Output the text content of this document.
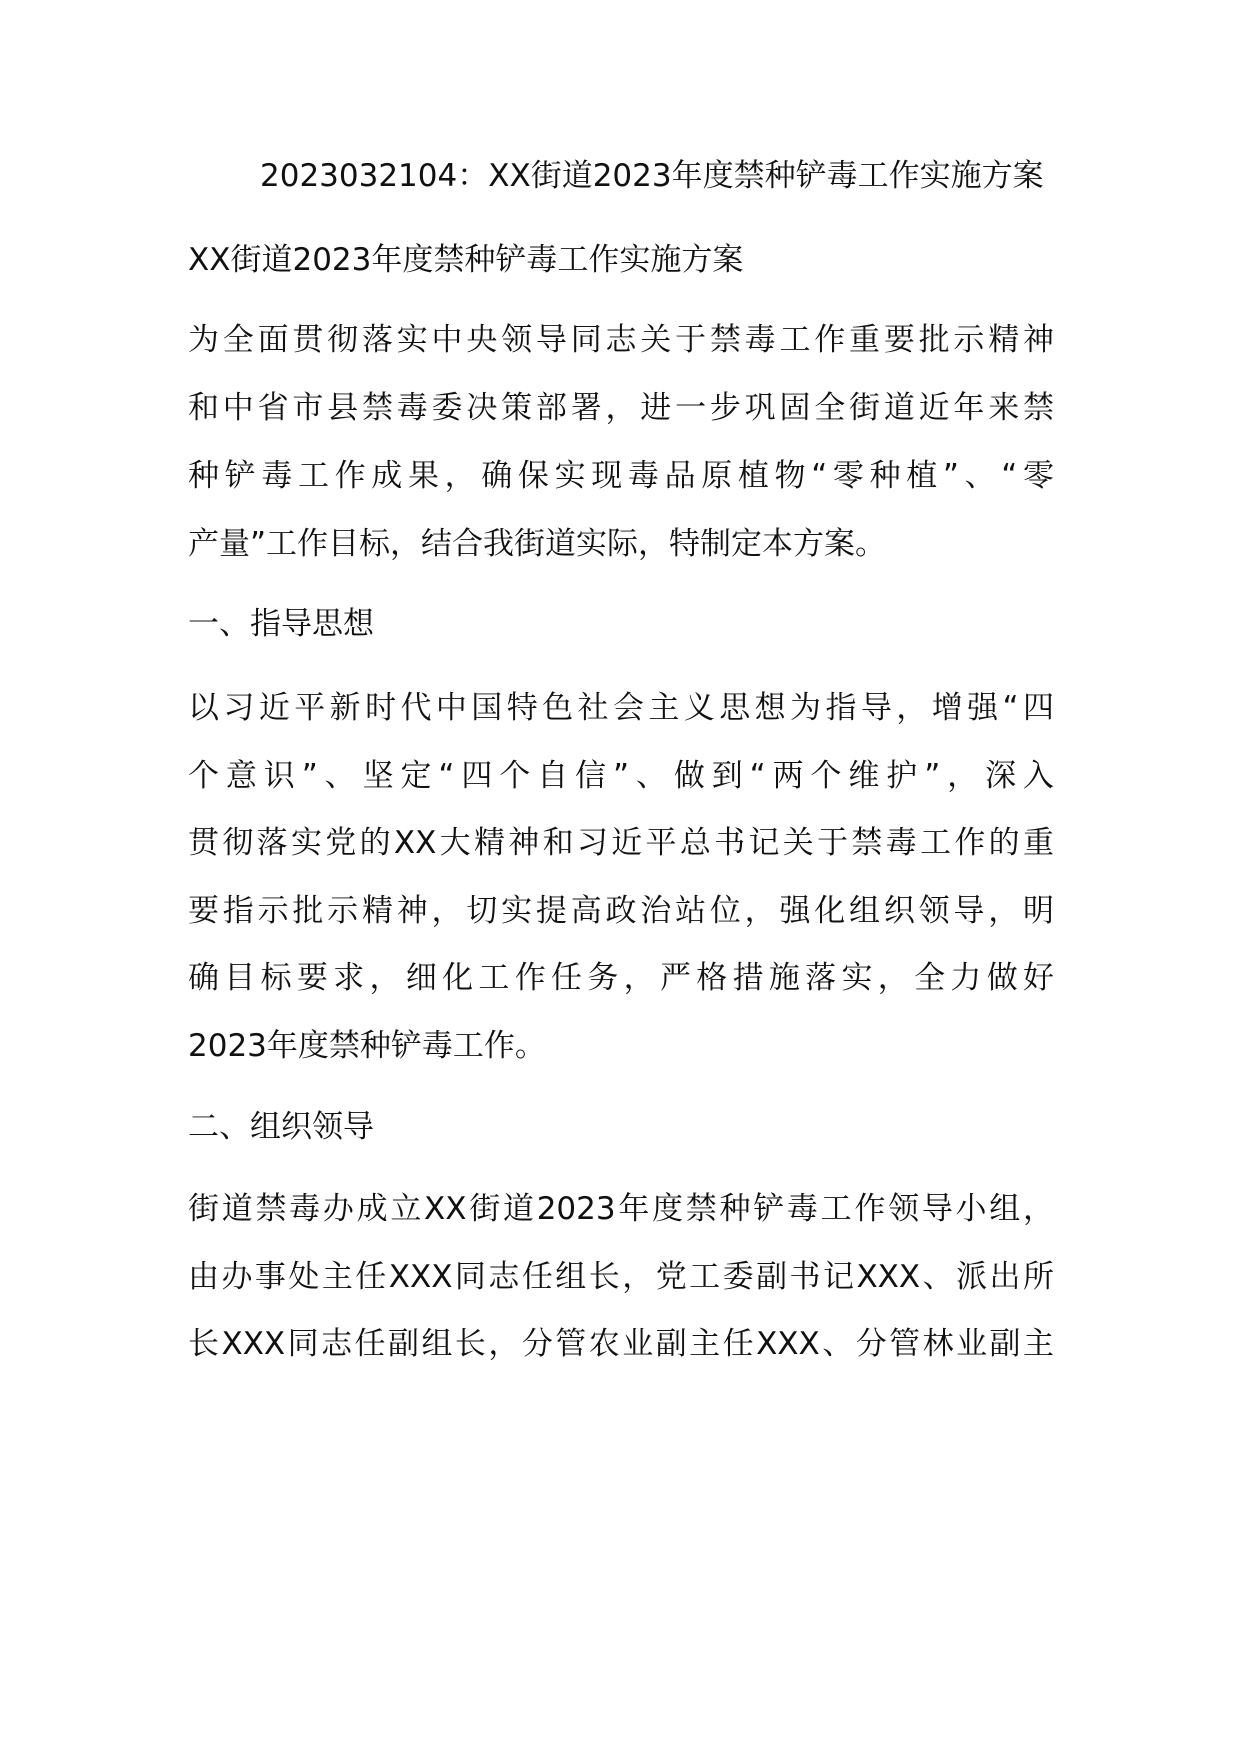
2023032104：XX街道2023年度禁种铲毒工作实施方案
XX街道2023年度禁种铲毒工作实施方案
为全面贯彻落实中央领导同志关于禁毒工作重要批示精神
和中省市县禁毒委决策部署，进一步巩固全街道近年来禁
种铲毒工作成果，确保实现毒品原植物“零种植”、“零
产量”工作目标，结合我街道实际，特制定本方案。
一、指导思想
以习近平新时代中国特色社会主义思想为指导，增强“四
个意识”、坚定“四个自信”、做到“两个维护”，深入
贯彻落实党的XX大精神和习近平总书记关于禁毒工作的重
要指示批示精神，切实提高政治站位，强化组织领导，明
确目标要求，细化工作任务，严格措施落实，全力做好
2023年度禁种铲毒工作。
二、组织领导
街道禁毒办成立XX街道2023年度禁种铲毒工作领导小组，
由办事处主任XXX同志任组长，党工委副书记XXX、派出所
长XXX同志任副组长，分管农业副主任XXX、分管林业副主
